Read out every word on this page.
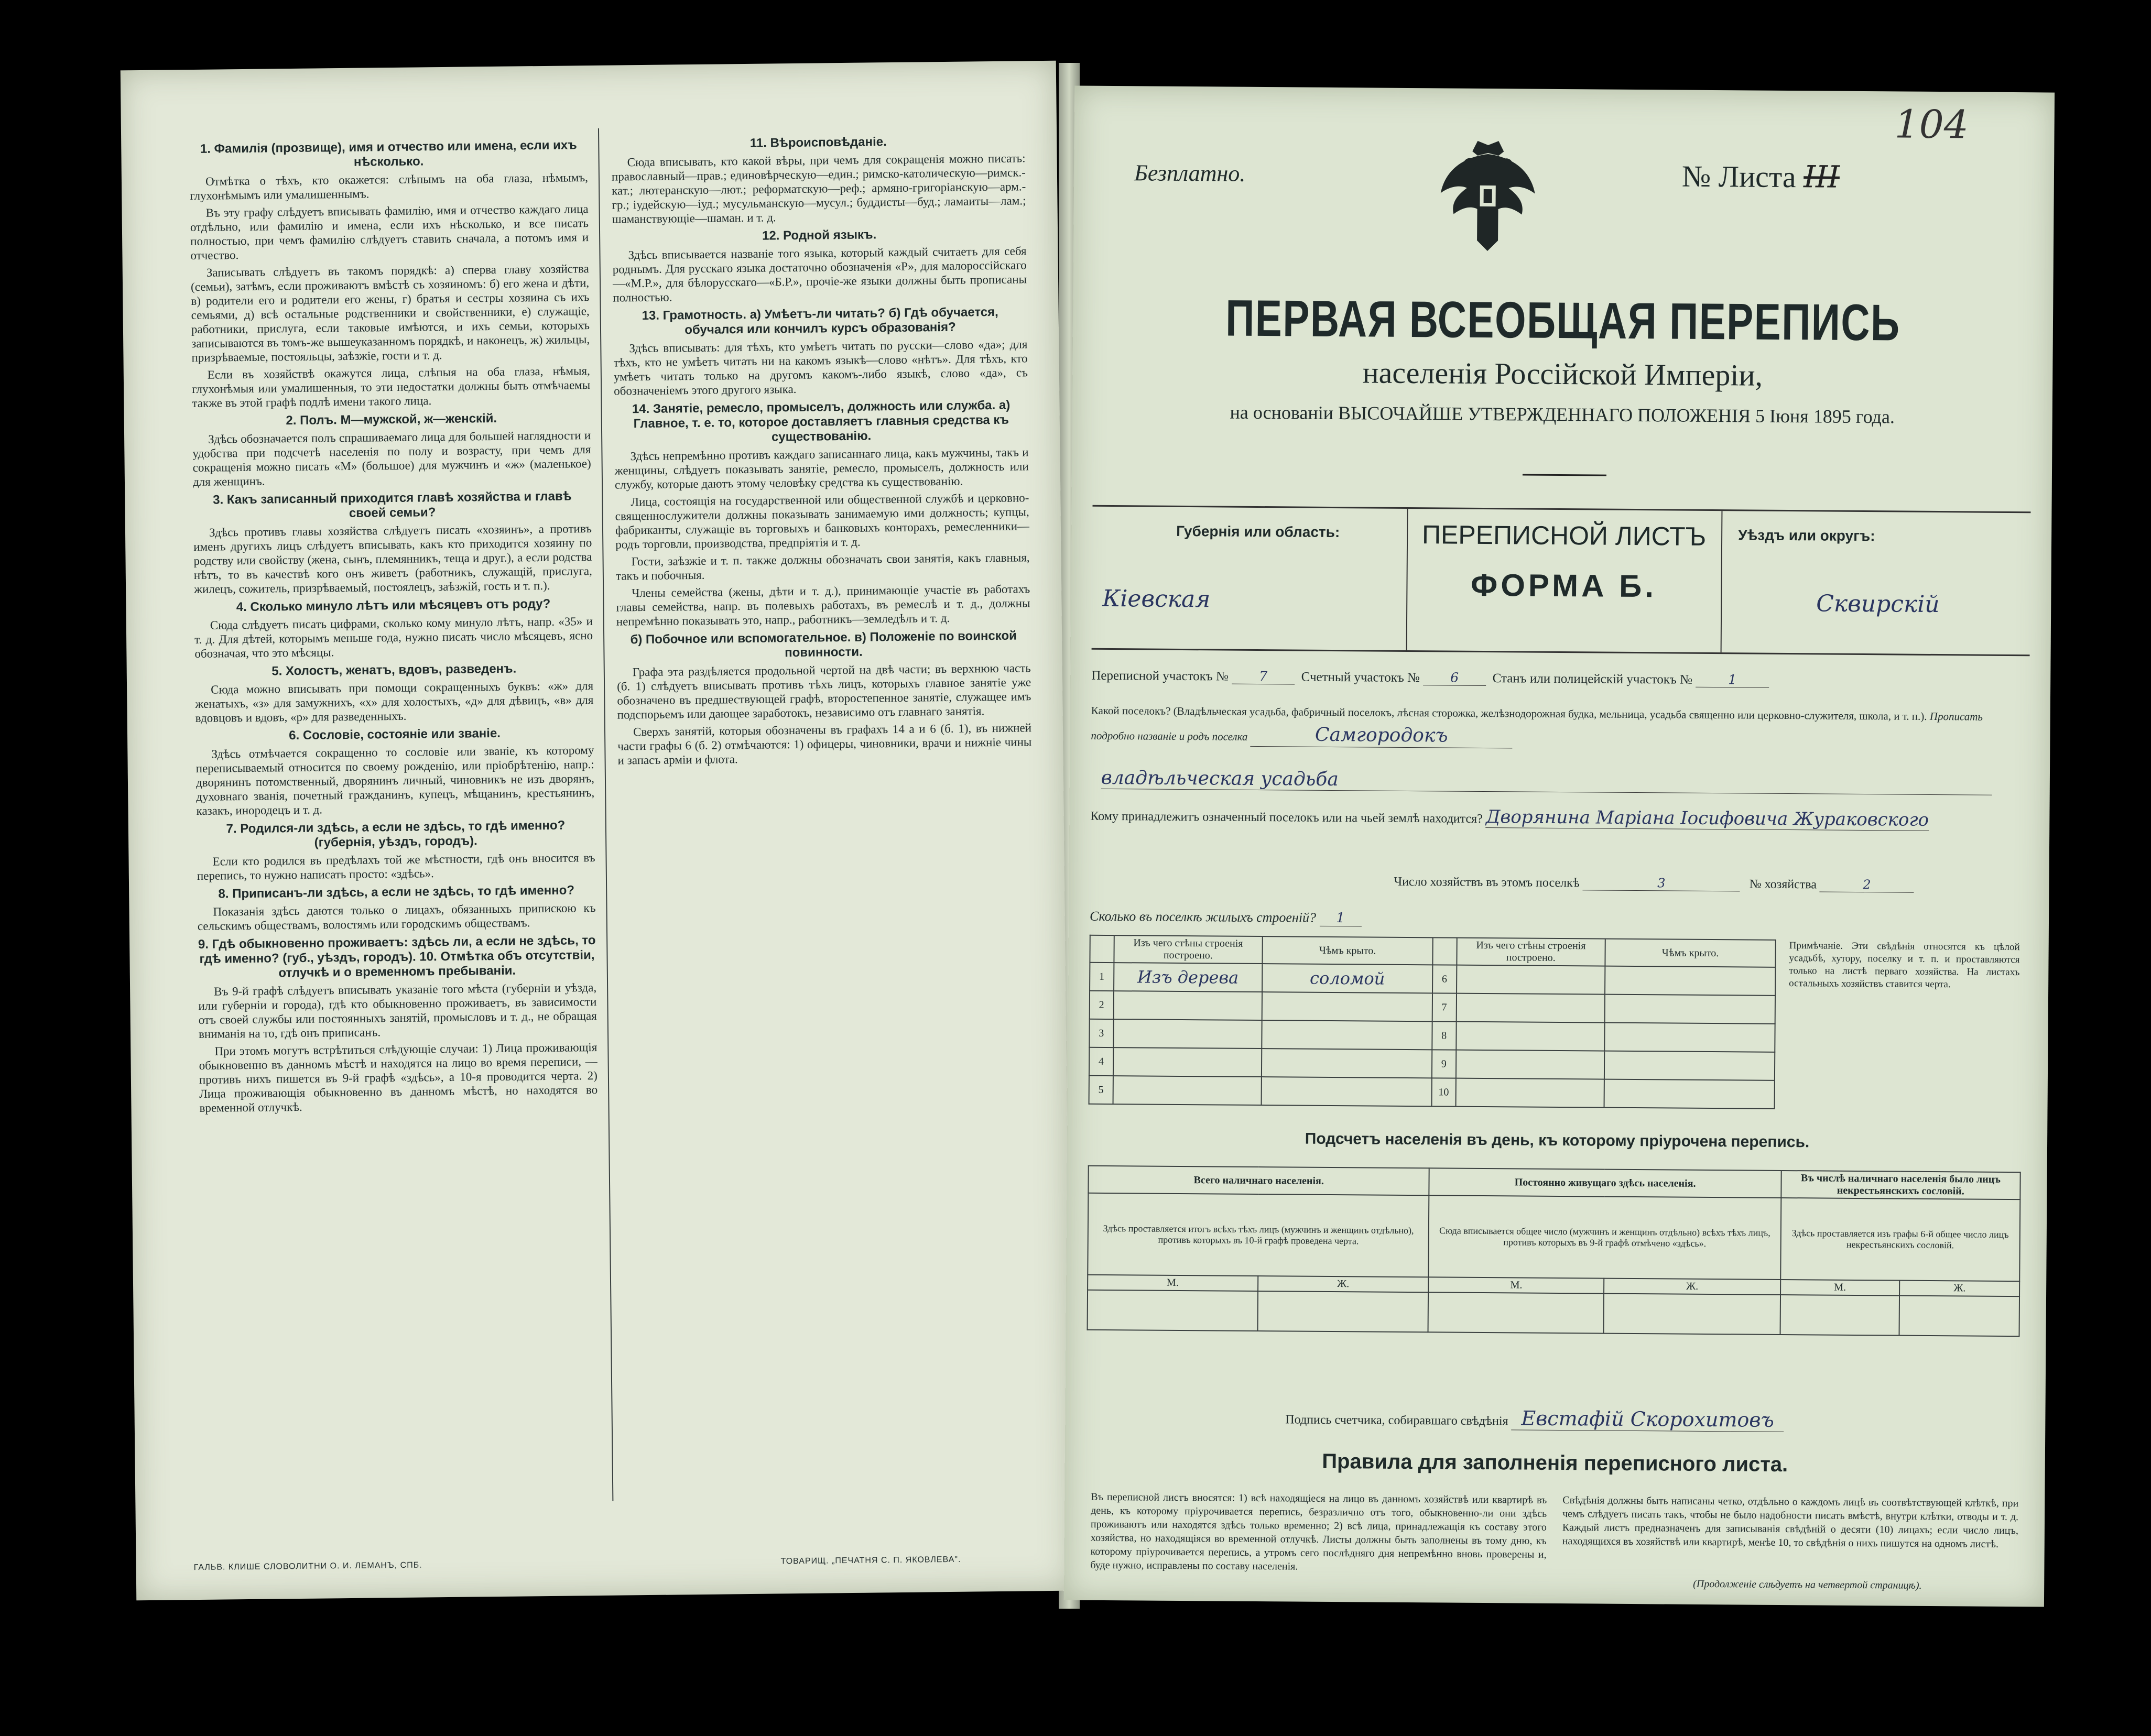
1. Фамилія (прозвище), имя и отчество или имена, если ихъ нѣсколько.

Отмѣтка о тѣхъ, кто окажется: слѣпымъ на оба глаза, нѣмымъ, глухонѣмымъ или умалишеннымъ.

Въ эту графу слѣдуетъ вписывать фамилію, имя и отчество каждаго лица отдѣльно, или фамилію и имена, если ихъ нѣсколько, и все писать полностью, при чемъ фамилію слѣдуетъ ставить сначала, а потомъ имя и отчество.

Записывать слѣдуетъ въ такомъ порядкѣ: а) сперва главу хозяйства (семьи), затѣмъ, если проживаютъ вмѣстѣ съ хозяиномъ: б) его жена и дѣти, в) родители его и родители его жены, г) братья и сестры хозяина съ ихъ семьями, д) всѣ остальные родственники и свойственники, е) служащіе, работники, прислуга, если таковые имѣются, и ихъ семьи, которыхъ записываются въ томъ-же вышеуказанномъ порядкѣ, и наконецъ, ж) жильцы, призрѣваемые, постояльцы, заѣзжіе, гости и т. д.

Если въ хозяйствѣ окажутся лица, слѣпыя на оба глаза, нѣмыя, глухонѣмыя или умалишенныя, то эти недостатки должны быть отмѣчаемы также въ этой графѣ подлѣ имени такого лица.

2. Полъ. М—мужской, ж—женскій.

Здѣсь обозначается полъ спрашиваемаго лица для большей наглядности и удобства при подсчетѣ населенія по полу и возрасту, при чемъ для сокращенія можно писать «М» (большое) для мужчинъ и «ж» (маленькое) для женщинъ.

3. Какъ записанный приходится главѣ хозяйства и главѣ своей семьи?

Здѣсь противъ главы хозяйства слѣдуетъ писать «хозяинъ», а противъ именъ другихъ лицъ слѣдуетъ вписывать, какъ кто приходится хозяину по родству или свойству (жена, сынъ, племянникъ, теща и друг.), а если родства нѣтъ, то въ качествѣ кого онъ живетъ (работникъ, служащій, прислуга, жилецъ, сожитель, призрѣваемый, постоялецъ, заѣзжій, гость и т. п.).

4. Сколько минуло лѣтъ или мѣсяцевъ отъ роду?

Сюда слѣдуетъ писать цифрами, сколько кому минуло лѣтъ, напр. «35» и т. д. Для дѣтей, которымъ меньше года, нужно писать число мѣсяцевъ, ясно обозначая, что это мѣсяцы.

5. Холостъ, женатъ, вдовъ, разведенъ.

Сюда можно вписывать при помощи сокращенныхъ буквъ: «ж» для женатыхъ, «з» для замужнихъ, «х» для холостыхъ, «д» для дѣвицъ, «в» для вдовцовъ и вдовъ, «р» для разведенныхъ.

6. Сословіе, состояніе или званіе.

Здѣсь отмѣчается сокращенно то сословіе или званіе, къ которому переписываемый относится по своему рожденію, или пріобрѣтенію, напр.: дворянинъ потомственный, дворянинъ личный, чиновникъ не изъ дворянъ, духовнаго званія, почетный гражданинъ, купецъ, мѣщанинъ, крестьянинъ, казакъ, инородецъ и т. д.

7. Родился-ли здѣсь, а если не здѣсь, то гдѣ именно? (губернія, уѣздъ, городъ).

Если кто родился въ предѣлахъ той же мѣстности, гдѣ онъ вносится въ перепись, то нужно написать просто: «здѣсь».

8. Приписанъ-ли здѣсь, а если не здѣсь, то гдѣ именно?

Показанія здѣсь даются только о лицахъ, обязанныхъ припискою къ сельскимъ обществамъ, волостямъ или городскимъ обществамъ.

9. Гдѣ обыкновенно проживаетъ: здѣсь ли, а если не здѣсь, то гдѣ именно? (губ., уѣздъ, городъ). 10. Отмѣтка объ отсутствіи, отлучкѣ и о временномъ пребываніи.

Въ 9-й графѣ слѣдуетъ вписывать указаніе того мѣста (губерніи и уѣзда, или губерніи и города), гдѣ кто обыкновенно проживаетъ, въ зависимости отъ своей службы или постоянныхъ занятій, промысловъ и т. д., не обращая вниманія на то, гдѣ онъ приписанъ.

При этомъ могутъ встрѣтиться слѣдующіе случаи: 1) Лица проживающія обыкновенно въ данномъ мѣстѣ и находятся на лицо во время переписи, — противъ нихъ пишется въ 9-й графѣ «здѣсь», а 10-я проводится черта. 2) Лица проживающія обыкновенно въ данномъ мѣстѣ, но находятся во временной отлучкѣ.

11. Вѣроисповѣданіе.

Сюда вписывать, кто какой вѣры, при чемъ для сокращенія можно писать: православный—прав.; единовѣрческую—един.; римско-католическую—римск.-кат.; лютеранскую—лют.; реформатскую—реф.; армяно-григоріанскую—арм.-гр.; іудейскую—іуд.; мусульманскую—мусул.; буддисты—буд.; ламаиты—лам.; шаманствующіе—шаман. и т. д.

12. Родной языкъ.

Здѣсь вписывается названіе того языка, который каждый считаетъ для себя роднымъ. Для русскаго языка достаточно обозначенія «Р», для малороссійскаго—«М.Р.», для бѣлорусскаго—«Б.Р.», прочіе-же языки должны быть прописаны полностью.

13. Грамотность. а) Умѣетъ-ли читать? б) Гдѣ обучается, обучался или кончилъ курсъ образованія?

Здѣсь вписывать: для тѣхъ, кто умѣетъ читать по русски—слово «да»; для тѣхъ, кто не умѣетъ читать ни на какомъ языкѣ—слово «нѣтъ». Для тѣхъ, кто умѣетъ читать только на другомъ какомъ-либо языкѣ, слово «да», съ обозначеніемъ этого другого языка.

14. Занятіе, ремесло, промыселъ, должность или служба. а) Главное, т. е. то, которое доставляетъ главныя средства къ существованію.

Здѣсь непремѣнно противъ каждаго записаннаго лица, какъ мужчины, такъ и женщины, слѣдуетъ показывать занятіе, ремесло, промыселъ, должность или службу, которые даютъ этому человѣку средства къ существованію.

Лица, состоящія на государственной или общественной службѣ и церковно-священнослужители должны показывать занимаемую ими должность; купцы, фабриканты, служащіе въ торговыхъ и банковыхъ конторахъ, ремесленники—родъ торговли, производства, предпріятія и т. д.

Гости, заѣзжіе и т. п. также должны обозначать свои занятія, какъ главныя, такъ и побочныя.

Члены семейства (жены, дѣти и т. д.), принимающіе участіе въ работахъ главы семейства, напр. въ полевыхъ работахъ, въ ремеслѣ и т. д., должны непремѣнно показывать это, напр., работникъ—земледѣлъ и т. д.

б) Побочное или вспомогательное. в) Положеніе по воинской повинности.

Графа эта раздѣляется продольной чертой на двѣ части; въ верхнюю часть (б. 1) слѣдуетъ вписывать противъ тѣхъ лицъ, которыхъ главное занятіе уже обозначено въ предшествующей графѣ, второстепенное занятіе, служащее имъ подспорьемъ или дающее заработокъ, независимо отъ главнаго занятія.

Сверхъ занятій, которыя обозначены въ графахъ 14 а и 6 (б. 1), въ нижней части графы 6 (б. 2) отмѣчаются: 1) офицеры, чиновники, врачи и нижніе чины и запасъ арміи и флота.

ГАЛЬВ. КЛИШЕ СЛОВОЛИТНИ О. И. ЛЕМАНЪ, СПБ.
ТОВАРИЩ. „ПЕЧАТНЯ С. П. ЯКОВЛЕВА".
104
Безплатно.	№ Листа III
ПЕРВАЯ ВСЕОБЩАЯ ПЕРЕПИСЬ
населенія Россійской Имперіи,
на основаніи ВЫСОЧАЙШЕ УТВЕРЖДЕННАГО ПОЛОЖЕНІЯ 5 Іюня 1895 года.
Губернія или область:
Кіевская
ПЕРЕПИСНОЙ ЛИСТЪ
ФОРМА Б.
Уѣздъ или округъ:
Сквирскій
Переписной участокъ № 7	Счетный участокъ № 6	Станъ или полицейскій участокъ №	1
Какой поселокъ? (Владѣльческая усадьба, фабричный поселокъ, лѣсная сторожка, желѣзнодорожная будка, мельница, усадьба священно или церковно-служителя, школа, и т. п.). Прописать подробно названіе и родъ поселка	Самгородокъ
владѣльческая усадьба
Кому принадлежитъ означенный поселокъ или на чьей землѣ находится? Дворянина Маріана Іосифовича Жураковского
Число хозяйствъ въ этомъ поселкѣ	3	№ хозяйства	2
Сколько въ поселкѣ жилыхъ строеній? 1
	Изъ чего стѣны строенія построено.	Чѣмъ крыто.		Изъ чего стѣны строенія построено.	Чѣмъ крыто.
1	Изъ дерева	соломой	6		
2			7		
3			8		
4			9		
5			10		
Примѣчаніе. Эти свѣдѣнія относятся къ цѣлой усадьбѣ, хутору, поселку и т. п. и проставляются только на листѣ перваго хозяйства. На листахъ остальныхъ хозяйствъ ставится черта.
Подсчетъ населенія въ день, къ которому пріурочена перепись.
Всего наличнаго населенія.		Постоянно живущаго здѣсь населенія.		Въ числѣ наличнаго населенія было лицъ некрестьянскихъ сословій.	
Здѣсь проставляется итогъ всѣхъ тѣхъ лицъ (мужчинъ и женщинъ отдѣльно), противъ которыхъ въ 10-й графѣ проведена черта.		Сюда вписывается общее число (мужчинъ и женщинъ отдѣльно) всѣхъ тѣхъ лицъ, противъ которыхъ въ 9-й графѣ отмѣчено «здѣсь».		Здѣсь проставляется изъ графы 6-й общее число лицъ некрестьянскихъ сословій.	
М.	Ж.	М.	Ж.	М.	Ж.

Подпись счетчика, собиравшаго свѣдѣнія Евстафій Скорохитовъ
Правила для заполненія переписного листа.
Въ переписной листъ вносятся: 1) всѣ находящіеся на лицо въ данномъ хозяйствѣ или квартирѣ въ день, къ которому пріурочивается перепись, безразлично отъ того, обыкновенно-ли они здѣсь проживаютъ или находятся здѣсь только временно; 2) всѣ лица, принадлежащія къ составу этого хозяйства, но находящіяся во временной отлучкѣ. Листы должны быть заполнены въ тому дню, къ которому пріурочивается перепись, а утромъ сего послѣдняго дня непремѣнно вновь проверены и, буде нужно, исправлены по составу населенія.
Свѣдѣнія должны быть написаны четко, отдѣльно о каждомъ лицѣ въ соотвѣтствующей клѣткѣ, при чемъ слѣдуетъ писать такъ, чтобы не было надобности писать вмѣстѣ, внутри клѣтки, отводы и т. д. Каждый листъ предназначенъ для записыванія свѣдѣній о десяти (10) лицахъ; если число лицъ, находящихся въ хозяйствѣ или квартирѣ, менѣе 10, то свѣдѣнія о нихъ пишутся на одномъ листѣ.
(Продолженіе слѣдуетъ на четвертой страницѣ).
